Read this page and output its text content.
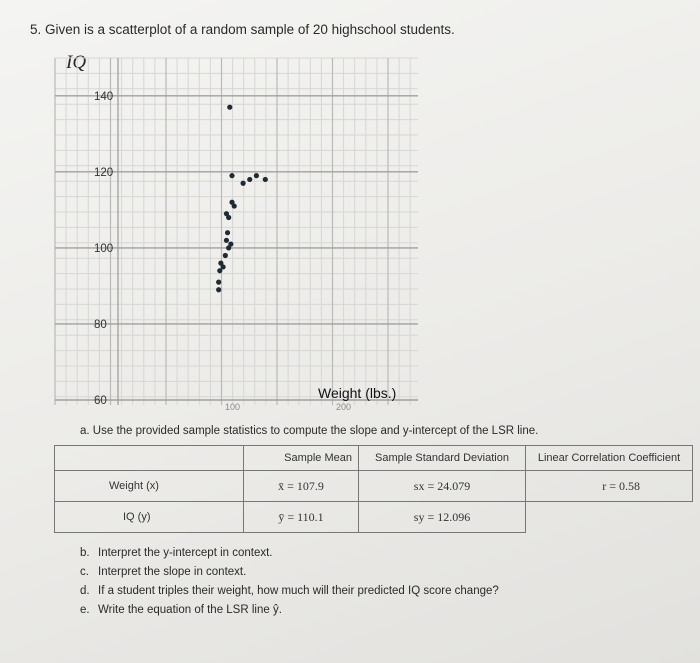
5. Given is a scatterplot of a random sample of 20 highschool students.
IQ
140
120
100
80
60	100	200
Weight (lbs.)
a. Use the provided sample statistics to compute the slope and y-intercept of the LSR line.
	Sample Mean	Sample Standard Deviation	Linear Correlation Coefficient
Weight (x)	x̄ = 107.9	sx = 24.079	r = 0.58
IQ (y)	ȳ = 110.1	sy = 12.096	
b. Interpret the y-intercept in context.
c. Interpret the slope in context.
d. If a student triples their weight, how much will their predicted IQ score change?
e. Write the equation of the LSR line ŷ.
